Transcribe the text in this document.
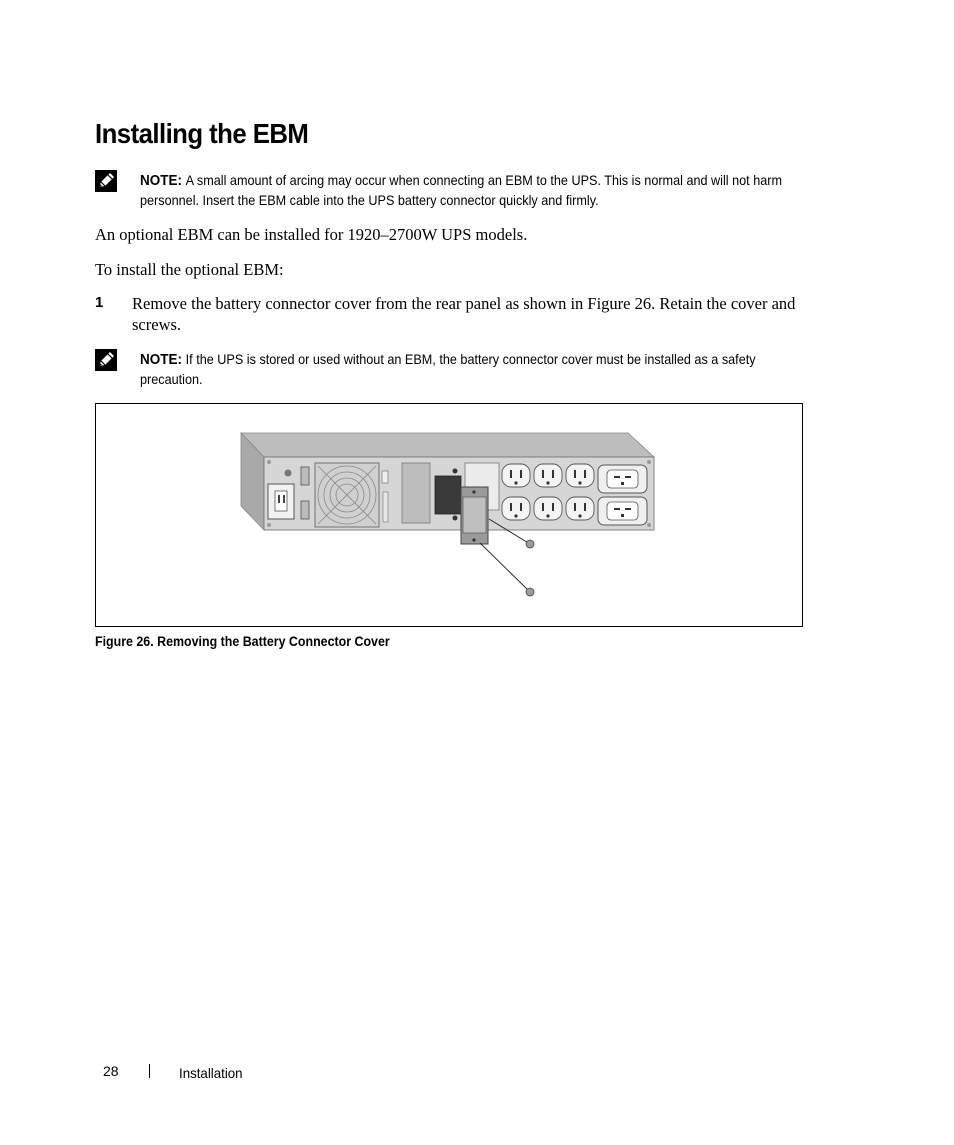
Installing the EBM
NOTE: A small amount of arcing may occur when connecting an EBM to the UPS. This is normal and will not harm personnel. Insert the EBM cable into the UPS battery connector quickly and firmly.
An optional EBM can be installed for 1920–2700W UPS models.
To install the optional EBM:
1 Remove the battery connector cover from the rear panel as shown in Figure 26. Retain the cover and screws.
NOTE: If the UPS is stored or used without an EBM, the battery connector cover must be installed as a safety precaution.
Figure 26. Removing the Battery Connector Cover
28	Installation
